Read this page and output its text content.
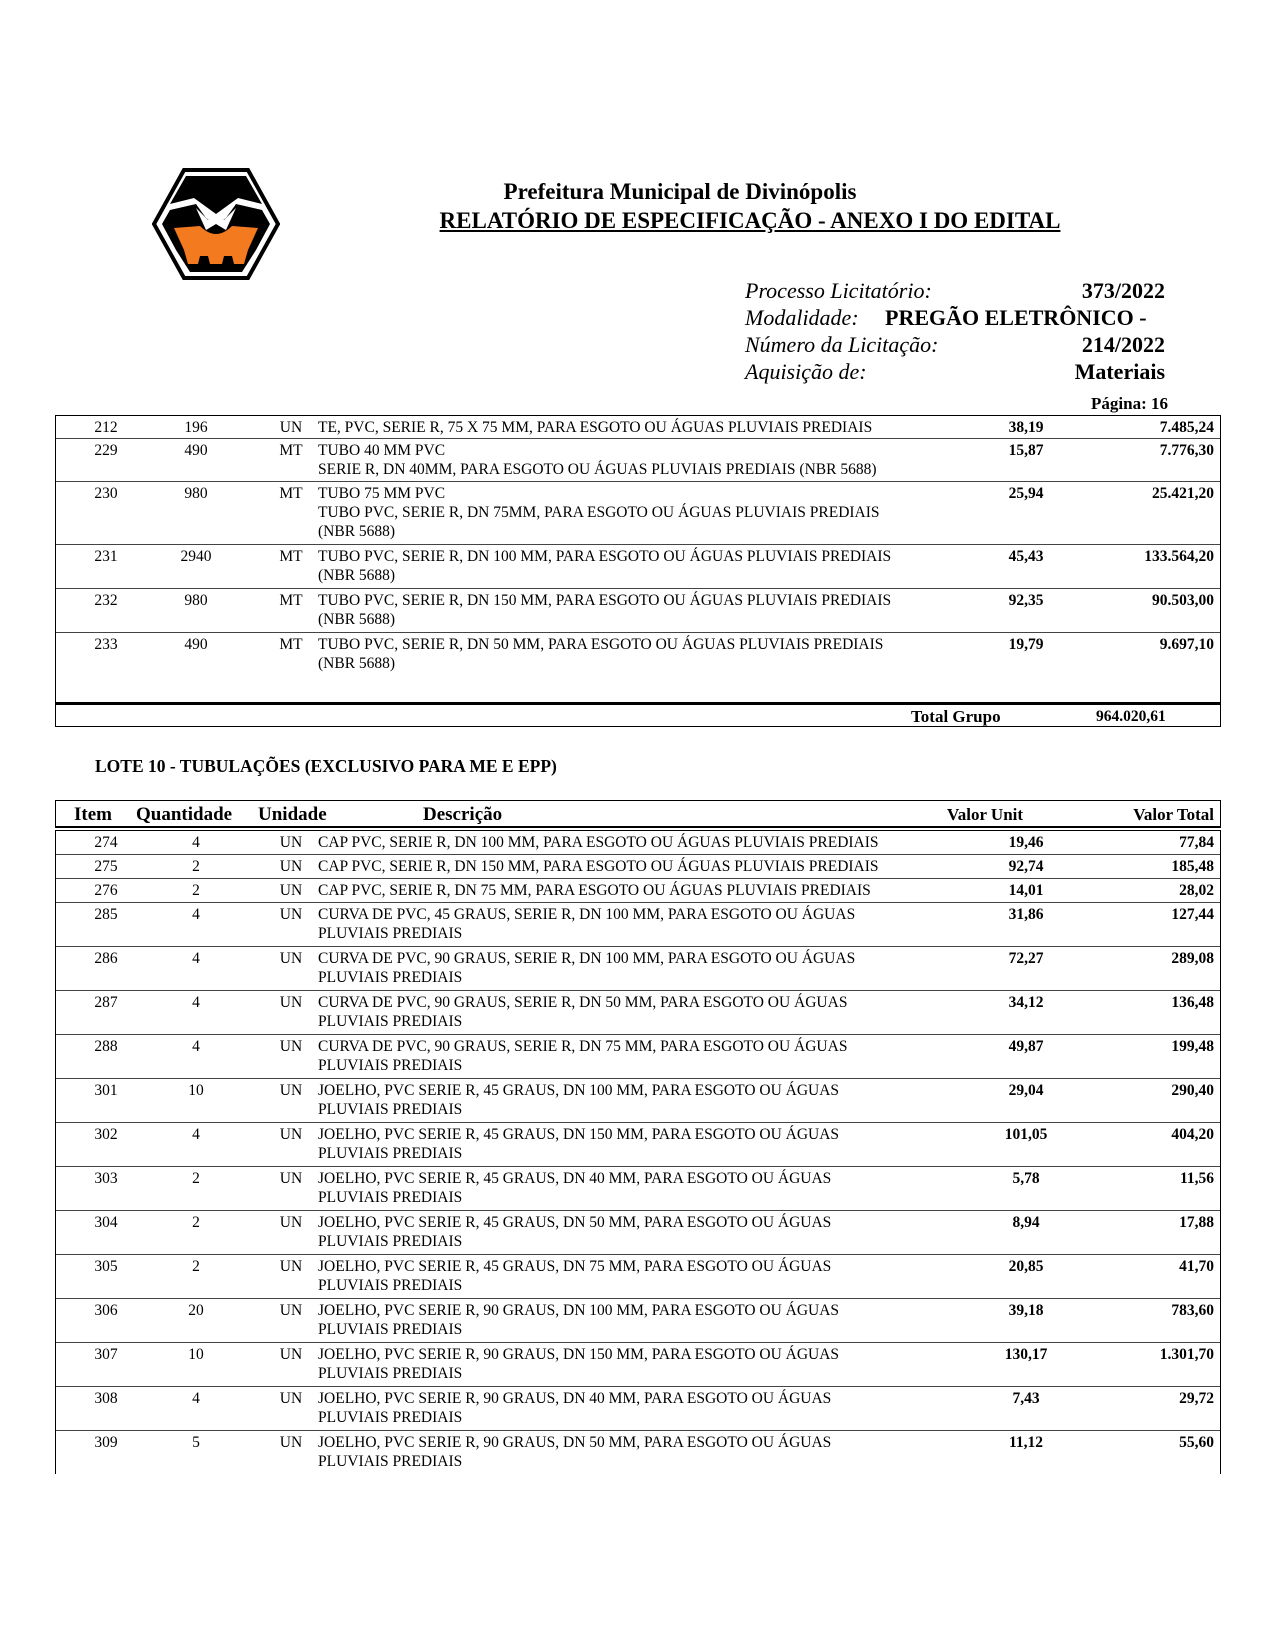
Prefeitura Municipal de Divinópolis
RELATÓRIO DE ESPECIFICAÇÃO - ANEXO I DO EDITAL
Processo Licitatório:	373/2022
Modalidade: PREGÃO ELETRÔNICO -
Número da Licitação:	214/2022
Aquisição de:	Materiais
Página: 16
212	196	UN	TE, PVC, SERIE R, 75 X 75 MM, PARA ESGOTO OU ÁGUAS PLUVIAIS PREDIAIS	38,19	7.485,24
229	490	MT TUBO 40 MM PVC
SERIE R, DN 40MM, PARA ESGOTO OU ÁGUAS PLUVIAIS PREDIAIS (NBR 5688)
15,87	7.776,30
230	980	MT TUBO 75 MM PVC
TUBO PVC, SERIE R, DN 75MM, PARA ESGOTO OU ÁGUAS PLUVIAIS PREDIAIS
(NBR 5688)
25,94	25.421,20
231	2940	MT TUBO PVC, SERIE R, DN 100 MM, PARA ESGOTO OU ÁGUAS PLUVIAIS PREDIAIS
(NBR 5688)
45,43	133.564,20
232	980	MT TUBO PVC, SERIE R, DN 150 MM, PARA ESGOTO OU ÁGUAS PLUVIAIS PREDIAIS
(NBR 5688)
92,35	90.503,00
233	490	MT TUBO PVC, SERIE R, DN 50 MM, PARA ESGOTO OU ÁGUAS PLUVIAIS PREDIAIS
(NBR 5688)
19,79	9.697,10
Total Grupo	964.020,61
LOTE 10 - TUBULAÇÕES (EXCLUSIVO PARA ME E EPP)
Item Quantidade Unidade	Descrição	Valor Unit	Valor Total
274	4	UN	CAP PVC, SERIE R, DN 100 MM, PARA ESGOTO OU ÁGUAS PLUVIAIS PREDIAIS	19,46	77,84
275	2	UN	CAP PVC, SERIE R, DN 150 MM, PARA ESGOTO OU ÁGUAS PLUVIAIS PREDIAIS	92,74	185,48
276	2	UN	CAP PVC, SERIE R, DN 75 MM, PARA ESGOTO OU ÁGUAS PLUVIAIS PREDIAIS	14,01	28,02
285	4	UN	CURVA DE PVC, 45 GRAUS, SERIE R, DN 100 MM, PARA ESGOTO OU ÁGUAS
PLUVIAIS PREDIAIS
31,86	127,44
286	4	UN	CURVA DE PVC, 90 GRAUS, SERIE R, DN 100 MM, PARA ESGOTO OU ÁGUAS
PLUVIAIS PREDIAIS
72,27	289,08
287	4	UN	CURVA DE PVC, 90 GRAUS, SERIE R, DN 50 MM, PARA ESGOTO OU ÁGUAS
PLUVIAIS PREDIAIS
34,12	136,48
288	4	UN	CURVA DE PVC, 90 GRAUS, SERIE R, DN 75 MM, PARA ESGOTO OU ÁGUAS
PLUVIAIS PREDIAIS
49,87	199,48
301	10	UN	JOELHO, PVC SERIE R, 45 GRAUS, DN 100 MM, PARA ESGOTO OU ÁGUAS
PLUVIAIS PREDIAIS
29,04	290,40
302	4	UN	JOELHO, PVC SERIE R, 45 GRAUS, DN 150 MM, PARA ESGOTO OU ÁGUAS
PLUVIAIS PREDIAIS
101,05	404,20
303	2	UN	JOELHO, PVC SERIE R, 45 GRAUS, DN 40 MM, PARA ESGOTO OU ÁGUAS
PLUVIAIS PREDIAIS
5,78	11,56
304	2	UN	JOELHO, PVC SERIE R, 45 GRAUS, DN 50 MM, PARA ESGOTO OU ÁGUAS
PLUVIAIS PREDIAIS
8,94	17,88
305	2	UN	JOELHO, PVC SERIE R, 45 GRAUS, DN 75 MM, PARA ESGOTO OU ÁGUAS
PLUVIAIS PREDIAIS
20,85	41,70
306	20	UN	JOELHO, PVC SERIE R, 90 GRAUS, DN 100 MM, PARA ESGOTO OU ÁGUAS
PLUVIAIS PREDIAIS
39,18	783,60
307	10	UN	JOELHO, PVC SERIE R, 90 GRAUS, DN 150 MM, PARA ESGOTO OU ÁGUAS
PLUVIAIS PREDIAIS
130,17	1.301,70
308	4	UN	JOELHO, PVC SERIE R, 90 GRAUS, DN 40 MM, PARA ESGOTO OU ÁGUAS
PLUVIAIS PREDIAIS
7,43	29,72
309	5	UN	JOELHO, PVC SERIE R, 90 GRAUS, DN 50 MM, PARA ESGOTO OU ÁGUAS
PLUVIAIS PREDIAIS
11,12	55,60
